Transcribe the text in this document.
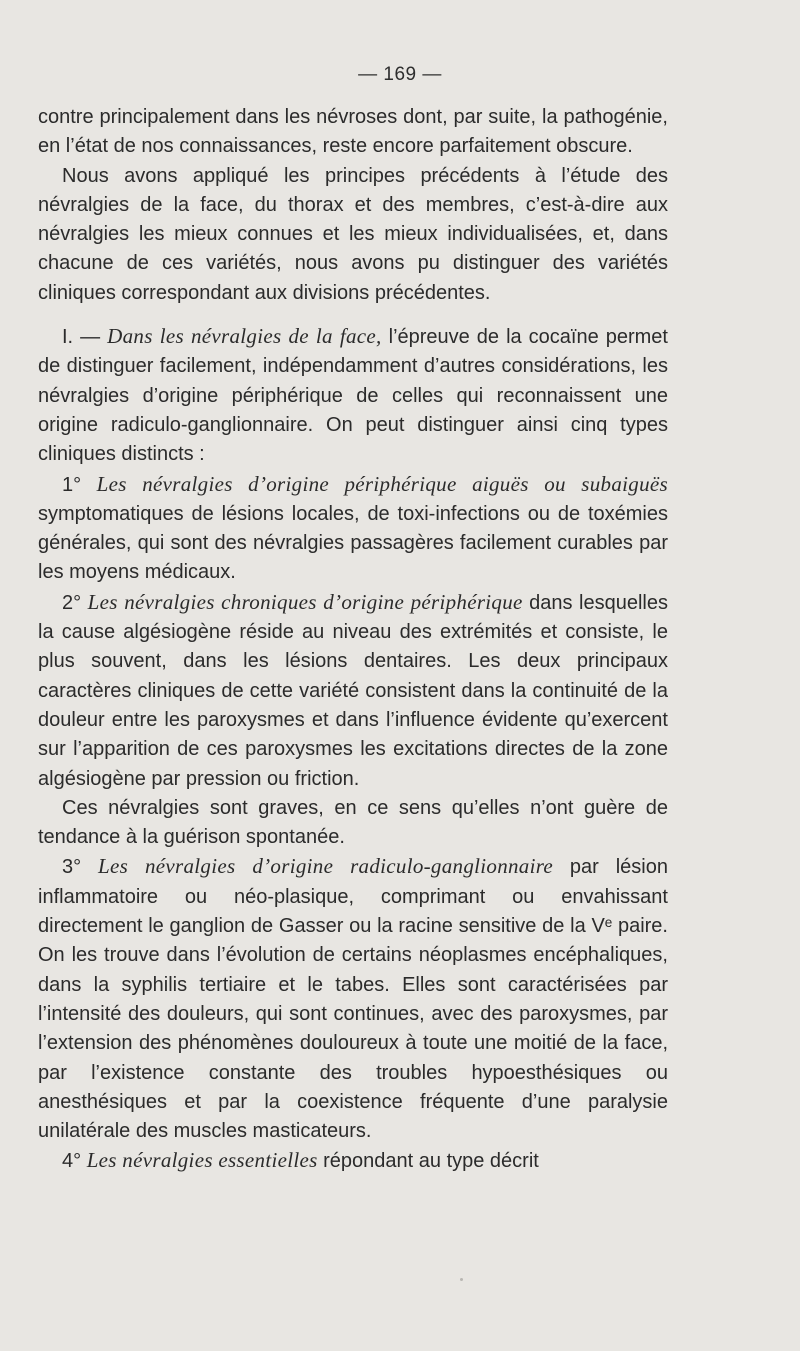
— 169 —

contre principalement dans les névroses dont, par suite, la pathogénie, en l’état de nos connaissances, reste encore parfaitement obscure.

Nous avons appliqué les principes précédents à l’étude des névralgies de la face, du thorax et des membres, c’est-à-dire aux névralgies les mieux connues et les mieux individualisées, et, dans chacune de ces variétés, nous avons pu distinguer des variétés cliniques correspondant aux divisions précédentes.

I. — Dans les névralgies de la face, l’épreuve de la cocaïne permet de distinguer facilement, indépendamment d’autres considérations, les névralgies d’origine périphérique de celles qui reconnaissent une origine radiculo-ganglionnaire. On peut distinguer ainsi cinq types cliniques distincts :

1° Les névralgies d’origine périphérique aiguës ou subaiguës symptomatiques de lésions locales, de toxi-infections ou de toxémies générales, qui sont des névralgies passagères facilement curables par les moyens médicaux.

2° Les névralgies chroniques d’origine périphérique dans lesquelles la cause algésiogène réside au niveau des extrémités et consiste, le plus souvent, dans les lésions dentaires. Les deux principaux caractères cliniques de cette variété consistent dans la continuité de la douleur entre les paroxysmes et dans l’influence évidente qu’exercent sur l’apparition de ces paroxysmes les excitations directes de la zone algésiogène par pression ou friction.

Ces névralgies sont graves, en ce sens qu’elles n’ont guère de tendance à la guérison spontanée.

3° Les névralgies d’origine radiculo-ganglionnaire par lésion inflammatoire ou néo-plasique, comprimant ou envahissant directement le ganglion de Gasser ou la racine sensitive de la Vᵉ paire. On les trouve dans l’évolution de certains néoplasmes encéphaliques, dans la syphilis tertiaire et le tabes. Elles sont caractérisées par l’intensité des douleurs, qui sont continues, avec des paroxysmes, par l’extension des phénomènes douloureux à toute une moitié de la face, par l’existence constante des troubles hypoesthésiques ou anesthésiques et par la coexistence fréquente d’une paralysie unilatérale des muscles masticateurs.

4° Les névralgies essentielles répondant au type décrit
